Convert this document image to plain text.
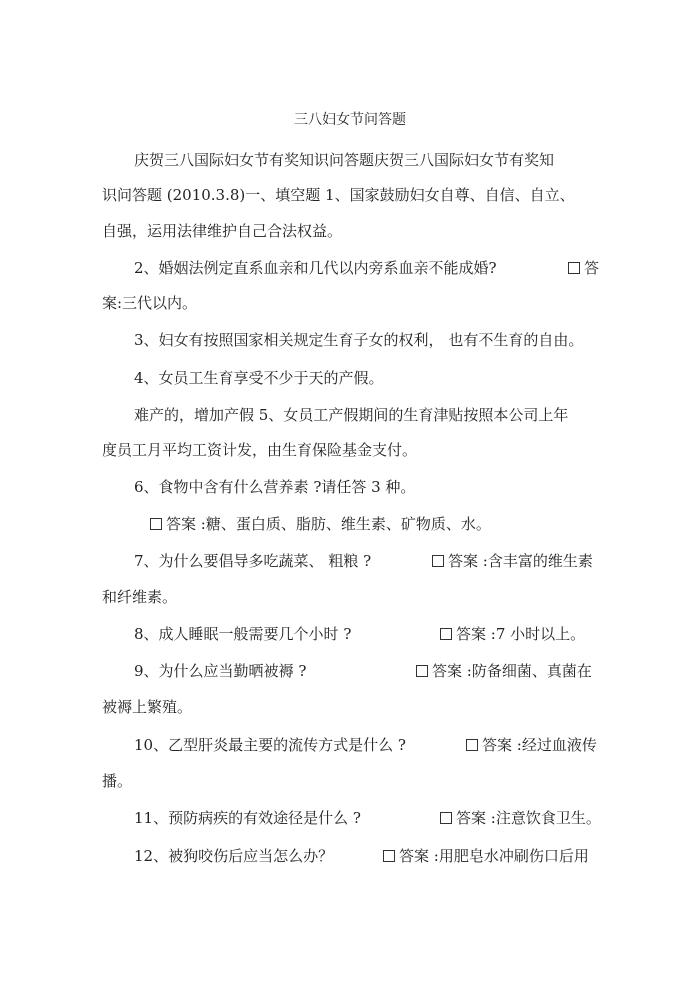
三八妇女节问答题
庆贺三八国际妇女节有奖知识问答题庆贺三八国际妇女节有奖知
识问答题 (2010.3.8)一、填空题 1、国家鼓励妇女自尊、自信、自立、
自强，运用法律维护自己合法权益。
2、婚姻法例定直系血亲和几代以内旁系血亲不能成婚?	答
案:三代以内。
3、妇女有按照国家相关规定生育子女的权利， 也有不生育的自由。
4、女员工生育享受不少于天的产假。
难产的，增加产假 5、女员工产假期间的生育津贴按照本公司上年
度员工月平均工资计发，由生育保险基金支付。
6、食物中含有什么营养素 ?请任答 3 种。
答案 :糖、蛋白质、脂肪、维生素、矿物质、水。
7、为什么要倡导多吃蔬菜、 粗粮 ?	答案 :含丰富的维生素
和纤维素。
8、成人睡眠一般需要几个小时 ?	答案 :7 小时以上。
9、为什么应当勤晒被褥 ?	答案 :防备细菌、真菌在
被褥上繁殖。
10、乙型肝炎最主要的流传方式是什么 ?	答案 :经过血液传
播。
11、预防病疾的有效途径是什么 ?	答案 :注意饮食卫生。
12、被狗咬伤后应当怎么办？	答案 :用肥皂水冲刷伤口后用
